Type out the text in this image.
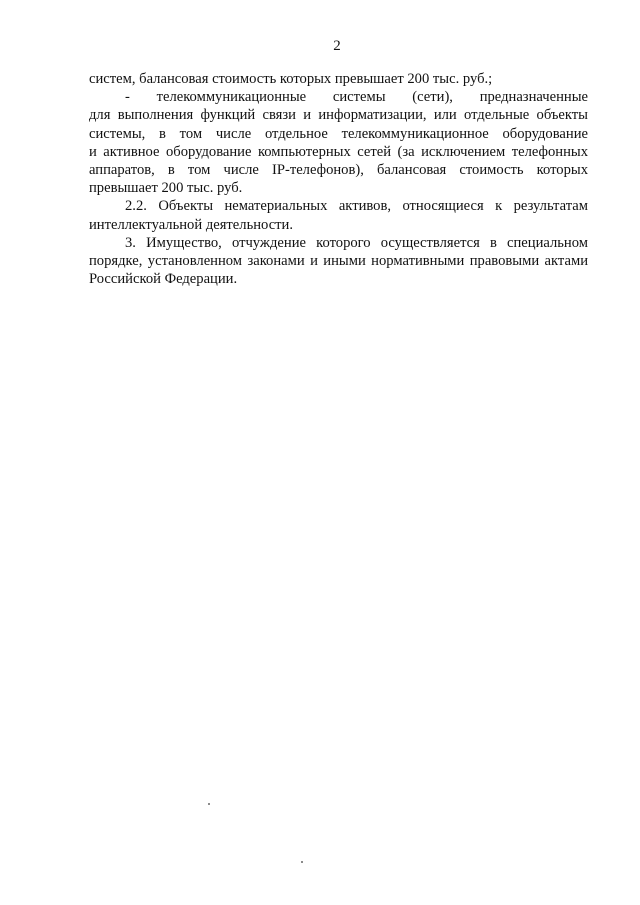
2
систем, балансовая стоимость которых превышает 200 тыс. руб.;
- телекоммуникационные системы (сети), предназначенные
для выполнения функций связи и информатизации, или отдельные объекты
системы, в том числе отдельное телекоммуникационное оборудование
и активное оборудование компьютерных сетей (за исключением телефонных
аппаратов, в том числе IP-телефонов), балансовая стоимость которых
превышает 200 тыс. руб.
2.2. Объекты нематериальных активов, относящиеся к результатам
интеллектуальной деятельности.
3. Имущество, отчуждение которого осуществляется в специальном
порядке, установленном законами и иными нормативными правовыми актами
Российской Федерации.
